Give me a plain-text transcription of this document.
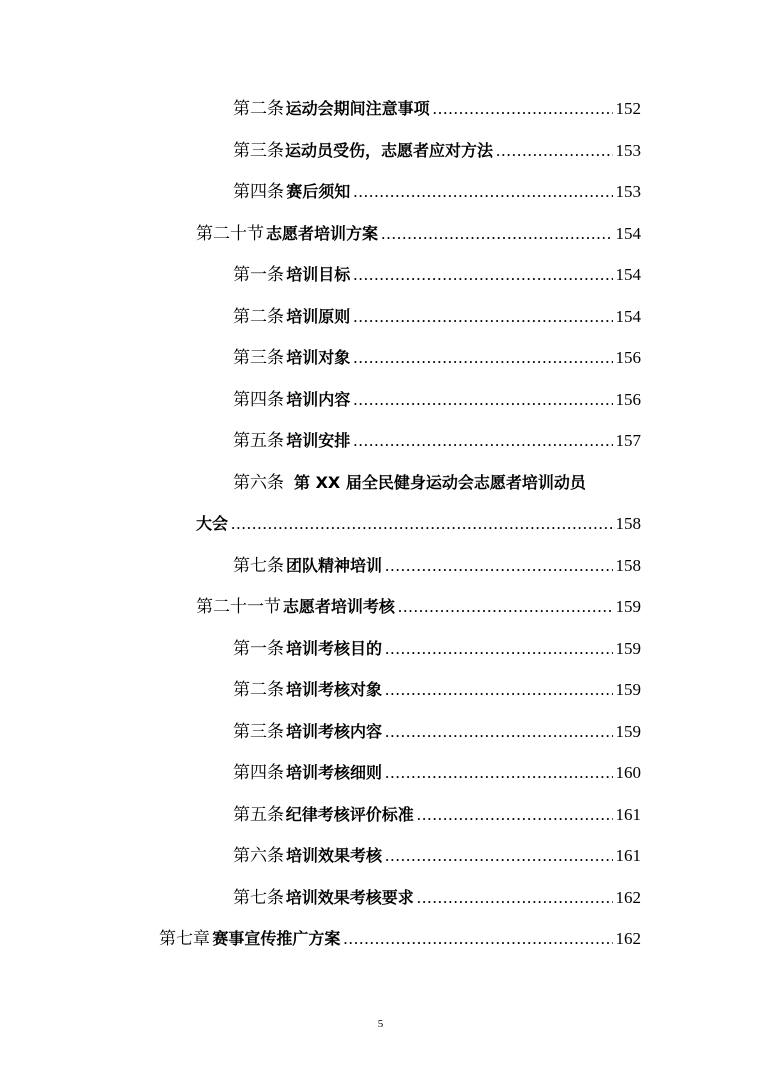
第二条 运动会期间注意事项 .....	152
第三条 运动员受伤，志愿者应对方法 .....	153
第四条 赛后须知 .....	153
第二十节 志愿者培训方案 .....	154
第一条 培训目标 .....	154
第二条 培训原则 .....	154
第三条 培训对象 .....	156
第四条 培训内容 .....	156
第五条 培训安排 .....	157
第六条 第 XX 届全民健身运动会志愿者培训动员
大会 .....	158
第七条 团队精神培训 .....	158
第二十一节 志愿者培训考核 .....	159
第一条 培训考核目的 .....	159
第二条 培训考核对象 .....	159
第三条 培训考核内容 .....	159
第四条 培训考核细则 .....	160
第五条 纪律考核评价标准 .....	161
第六条 培训效果考核 .....	161
第七条 培训效果考核要求 .....	162
第七章 赛事宣传推广方案 .....	162
5
